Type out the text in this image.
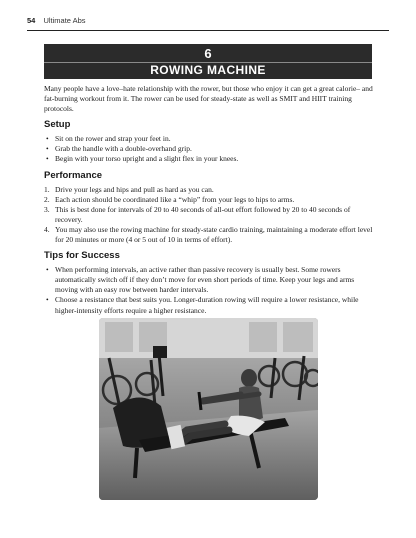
54 Ultimate Abs
6
ROWING MACHINE

Many people have a love–hate relationship with the rower, but those who enjoy it can get a great calorie– and fat-burning workout from it. The rower can be used for steady-state as well as SMIT and HIIT training protocols.

Setup
• Sit on the rower and strap your feet in.
• Grab the handle with a double-overhand grip.
• Begin with your torso upright and a slight flex in your knees.
Performance
1. Drive your legs and hips and pull as hard as you can.
2. Each action should be coordinated like a “whip” from your legs to hips to arms.
3. This is best done for intervals of 20 to 40 seconds of all-out effort followed by 20 to 40 seconds of recovery.
4. You may also use the rowing machine for steady-state cardio training, maintaining a moderate effort level for 20 minutes or more (4 or 5 out of 10 in terms of effort).
Tips for Success
• When performing intervals, an active rather than passive recovery is usually best. Some rowers automatically switch off if they don’t move for even short periods of time. Keep your legs and arms moving with an easy row between harder intervals.
• Choose a resistance that best suits you. Longer-duration rowing will require a lower resistance, while higher-intensity efforts require a higher resistance.
